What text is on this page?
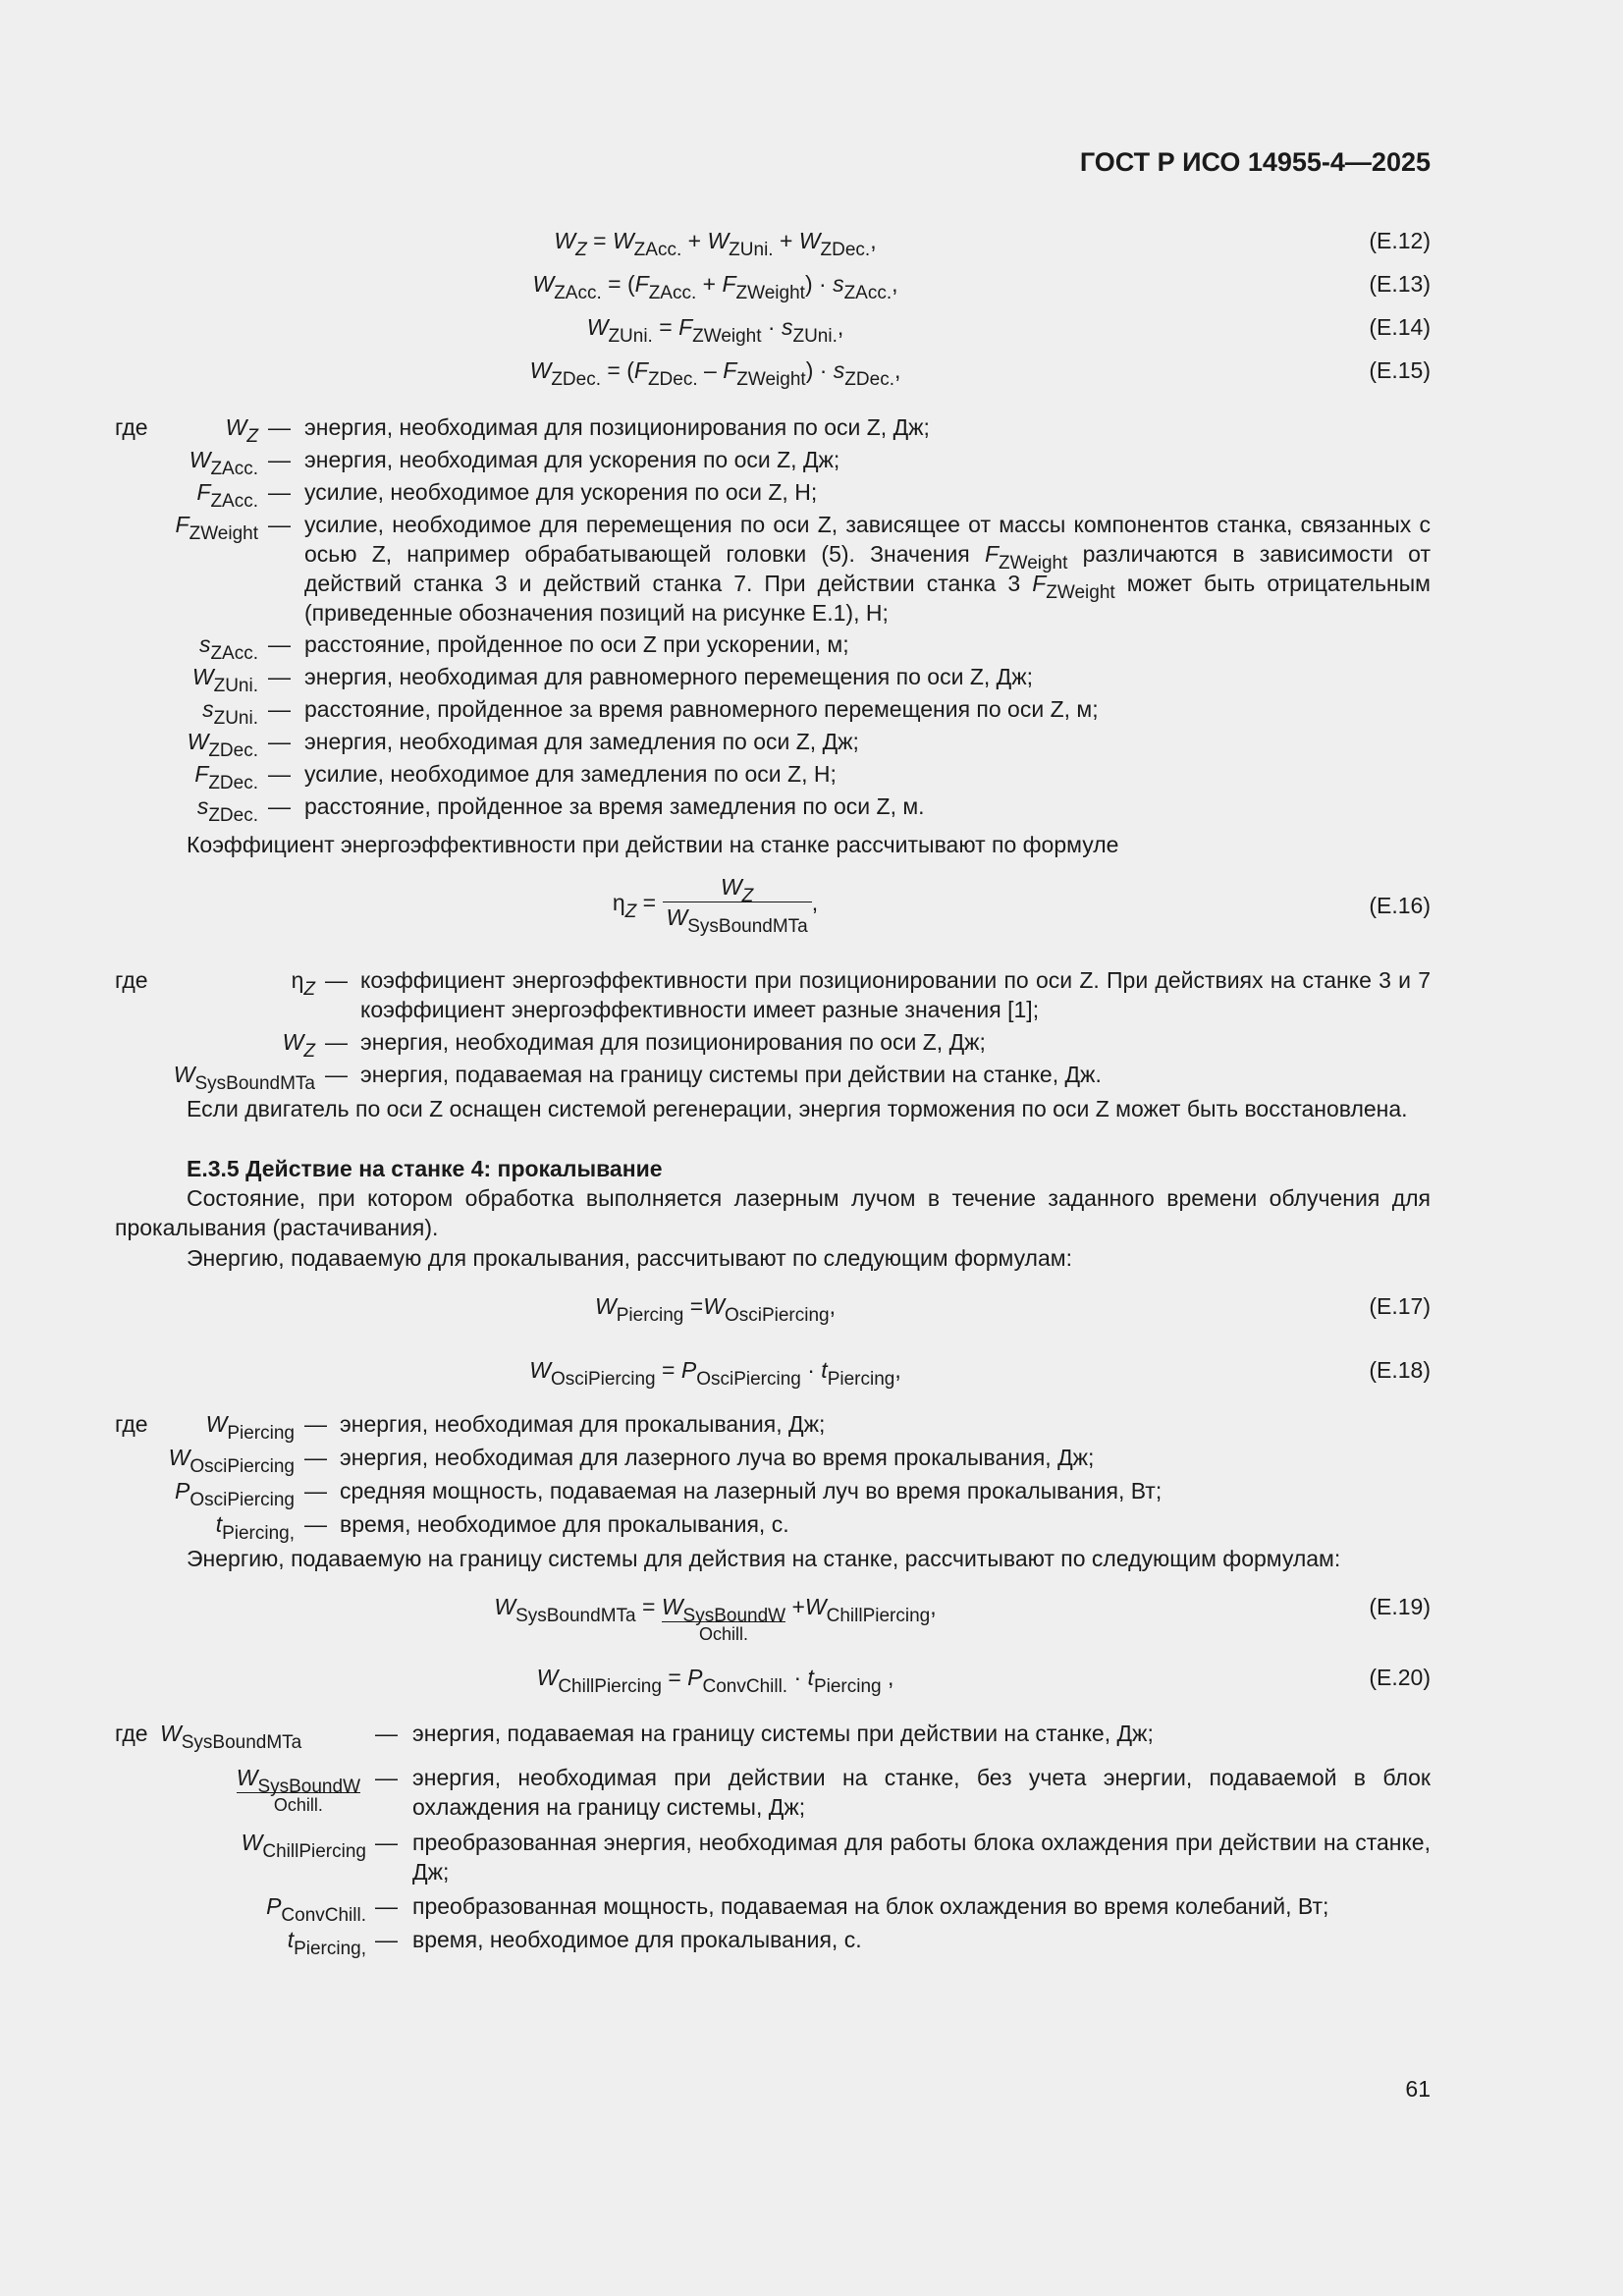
ГОСТ Р ИСО 14955-4—2025
$W_Z = W_{ZAcc.} + W_{ZUni.} + W_{ZDec.}$,	(Е.12)
$W_{ZAcc.} = (F_{ZAcc.} + F_{ZWeight}) \cdot s_{ZAcc.}$,	(Е.13)
$W_{ZUni.} = F_{ZWeight} \cdot s_{ZUni.}$,	(Е.14)
$W_{ZDec.} = (F_{ZDec.} - F_{ZWeight}) \cdot s_{ZDec.}$,	(Е.15)
где	$W_Z$ — энергия, необходимая для позиционирования по оси Z, Дж;
$W_{ZAcc.}$ — энергия, необходимая для ускорения по оси Z, Дж;
$F_{ZAcc.}$ — усилие, необходимое для ускорения по оси Z, Н;
$F_{ZWeight}$ — усилие, необходимое для перемещения по оси Z, зависящее от массы компонентов станка, связанных с осью Z, например обрабатывающей головки (5). Значения $F_{ZWeight}$ различаются в зависимости от действий станка 3 и действий станка 7. При действии станка 3 $F_{ZWeight}$ может быть отрицательным (приведенные обозначения позиций на рисунке Е.1), Н;
$s_{ZAcc.}$ — расстояние, пройденное по оси Z при ускорении, м;
$W_{ZUni.}$ — энергия, необходимая для равномерного перемещения по оси Z, Дж;
$s_{ZUni.}$ — расстояние, пройденное за время равномерного перемещения по оси Z, м;
$W_{ZDec.}$ — энергия, необходимая для замедления по оси Z, Дж;
$F_{ZDec.}$ — усилие, необходимое для замедления по оси Z, Н;
$s_{ZDec.}$ — расстояние, пройденное за время замедления по оси Z, м.
Коэффициент энергоэффективности при действии на станке рассчитывают по формуле
$\eta_Z = \frac{W_Z}{W_{SysBoundMTa}}$ ,	(Е.16)
где	$\eta_Z$ — коэффициент энергоэффективности при позиционировании по оси Z. При действиях на станке 3 и 7 коэффициент энергоэффективности имеет разные значения [1];
$W_Z$ — энергия, необходимая для позиционирования по оси Z, Дж;
$W_{SysBoundMTa}$ — энергия, подаваемая на границу системы при действии на станке, Дж.
Если двигатель по оси Z оснащен системой регенерации, энергия торможения по оси Z может быть восстановлена.
Е.3.5 Действие на станке 4: прокалывание
Состояние, при котором обработка выполняется лазерным лучом в течение заданного времени облучения для прокалывания (растачивания).
Энергию, подаваемую для прокалывания, рассчитывают по следующим формулам:
$W_{Piercing} =W_{OsciPiercing}$,	(Е.17)
$W_{OsciPiercing} = P_{OsciPiercing} \cdot t_{Piercing}$,	(Е.18)
где	$W_{Piercing}$ — энергия, необходимая для прокалывания, Дж;
$W_{OsciPiercing}$ — энергия, необходимая для лазерного луча во время прокалывания, Дж;
$P_{OsciPiercing}$ — средняя мощность, подаваемая на лазерный луч во время прокалывания, Вт;
$t_{Piercing,}$ — время, необходимое для прокалывания, с.
Энергию, подаваемую на границу системы для действия на станке, рассчитывают по следующим формулам:
$W_{SysBoundMTa} = W_{SysBoundW}$
Ochill.
$+W_{ChillPiercing}$,	(Е.19)
$W_{ChillPiercing} = P_{ConvChill.} \cdot t_{Piercing}$ ,	(Е.20)
где $W_{SysBoundMTa}$	— энергия, подаваемая на границу системы при действии на станке, Дж;
$W_{SysBoundW}$
Ochill.
— энергия, необходимая при действии на станке, без учета энергии, подаваемой в блок охлаждения на границу системы, Дж;
$W_{ChillPiercing}$ — преобразованная энергия, необходимая для работы блока охлаждения при действии на станке, Дж;
$P_{ConvChill.}$ — преобразованная мощность, подаваемая на блок охлаждения во время колебаний, Вт;
$t_{Piercing,}$ — время, необходимое для прокалывания, с.
61
